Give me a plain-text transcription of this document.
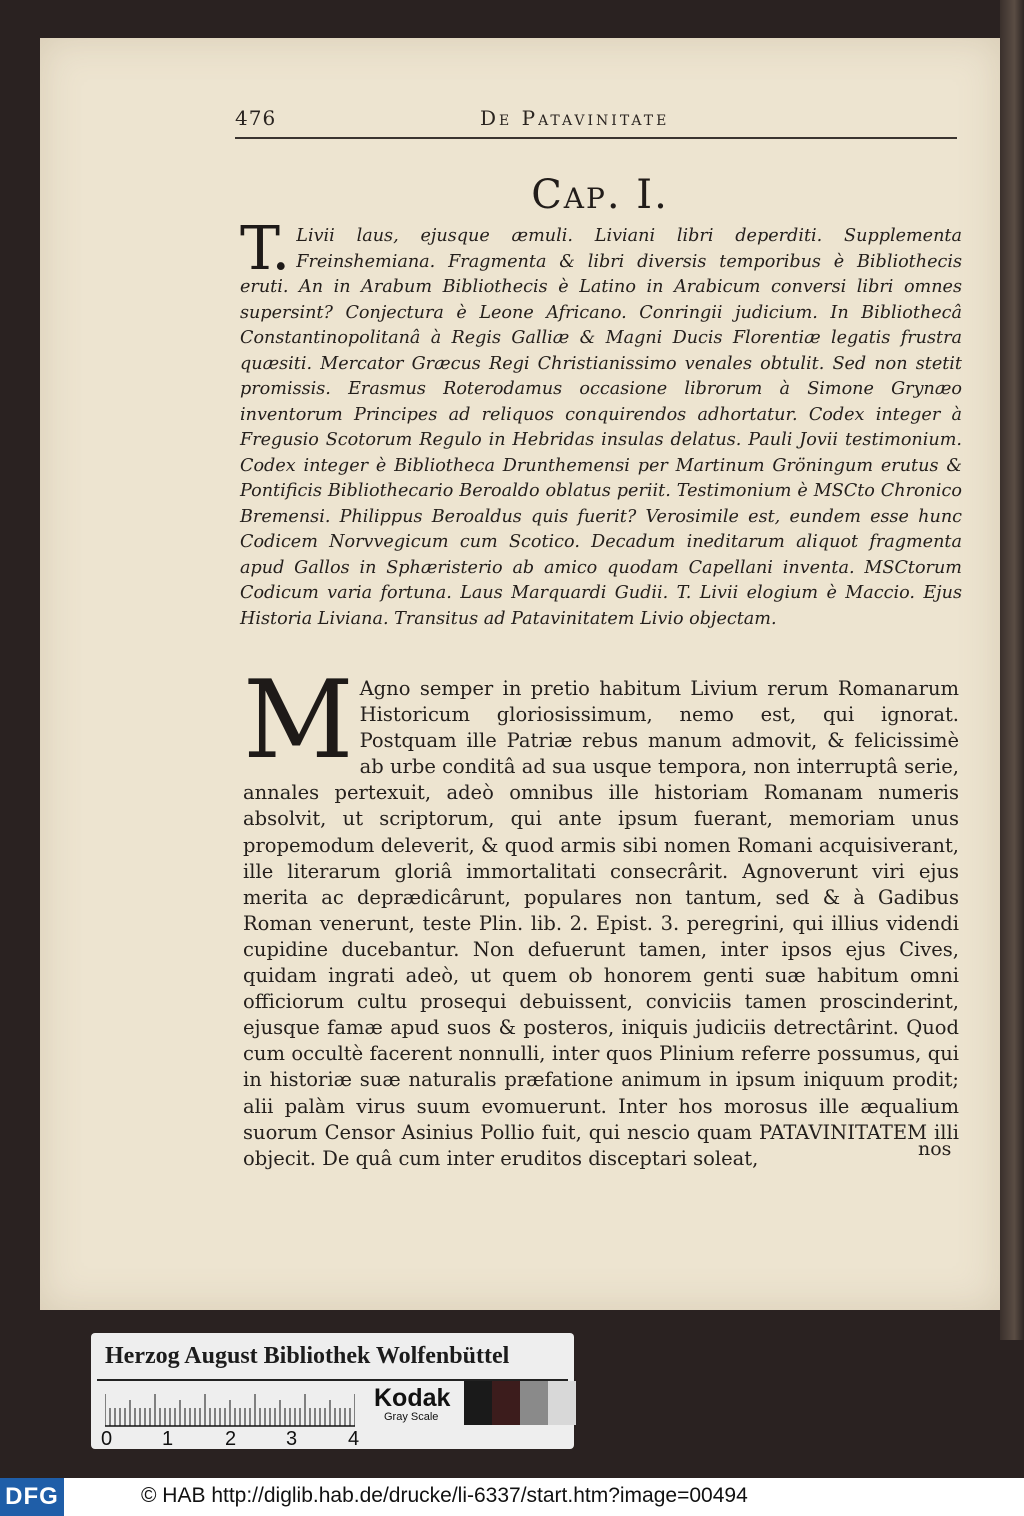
476	De Patavinitate
Cap. I.
T. Livii laus, ejusque æmuli. Liviani libri deperditi. Supplementa Freinshemiana. Fragmenta & libri diversis temporibus è Bibliothecis eruti. An in Arabum Bibliothecis è Latino in Arabicum conversi libri omnes supersint? Conjectura è Leone Africano. Conringii judicium. In Bibliothecâ Constantinopolitanâ à Regis Galliæ & Magni Ducis Florentiæ legatis frustra quæsiti. Mercator Græcus Regi Christianissimo venales obtulit. Sed non stetit promissis. Erasmus Roterodamus occasione librorum à Simone Grynæo inventorum Principes ad reliquos conquirendos adhortatur. Codex integer à Fregusio Scotorum Regulo in Hebridas insulas delatus. Pauli Jovii testimonium. Codex integer è Bibliotheca Drunthemensi per Martinum Gröningum erutus & Pontificis Bibliothecario Beroaldo oblatus periit. Testimonium è MSCto Chronico Bremensi. Philippus Beroaldus quis fuerit? Verosimile est, eundem esse hunc Codicem Norvvegicum cum Scotico. Decadum ineditarum aliquot fragmenta apud Gallos in Sphæristerio ab amico quodam Capellani inventa. MSCtorum Codicum varia fortuna. Laus Marquardi Gudii. T. Livii elogium è Maccio. Ejus Historia Liviana. Transitus ad Patavinitatem Livio objectam.
M Agno semper in pretio habitum Livium rerum Romanarum Historicum gloriosissimum, nemo est, qui ignorat. Postquam ille Patriæ rebus manum admovit, & felicissimè ab urbe conditâ ad sua usque tempora, non interruptâ serie, annales pertexuit, adeò omnibus ille historiam Romanam numeris absolvit, ut scriptorum, qui ante ipsum fuerant, memoriam unus propemodum deleverit, & quod armis sibi nomen Romani acquisiverant, ille literarum gloriâ immortalitati consecrârit. Agnoverunt viri ejus merita ac deprædicârunt, populares non tantum, sed & à Gadibus Roman venerunt, teste Plin. lib. 2. Epist. 3. peregrini, qui illius videndi cupidine ducebantur. Non defuerunt tamen, inter ipsos ejus Cives, quidam ingrati adeò, ut quem ob honorem genti suæ habitum omni officiorum cultu prosequi debuissent, conviciis tamen proscinderint, ejusque famæ apud suos & posteros, iniquis judiciis detrectârint. Quod cum occultè facerent nonnulli, inter quos Plinium referre possumus, qui in historiæ suæ naturalis præfatione animum in ipsum iniquum prodit; alii palàm virus suum evomuerunt. Inter hos morosus ille æqualium suorum Censor Asinius Pollio fuit, qui nescio quam PATAVINITATEM illi objecit. De quâ cum inter eruditos disceptari soleat,	nos
Herzog August Bibliothek Wolfenbüttel
0 1	2 3	4
Kodak
Gray Scale
DFG	© HAB http://diglib.hab.de/drucke/li-6337/start.htm?image=00494
